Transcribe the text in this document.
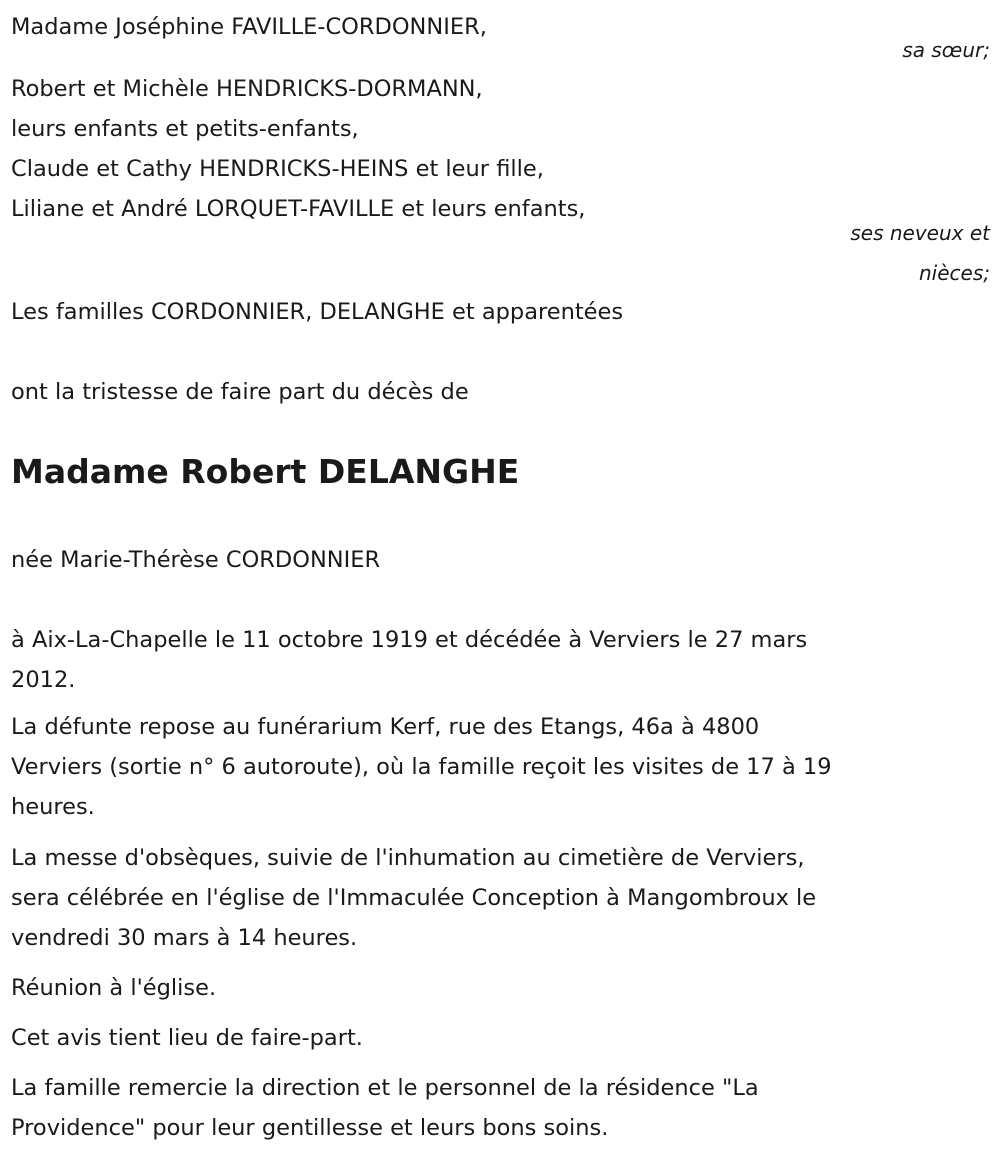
Madame Joséphine FAVILLE-CORDONNIER,
sa sœur;
Robert et Michèle HENDRICKS-DORMANN,
leurs enfants et petits-enfants,
Claude et Cathy HENDRICKS-HEINS et leur fille,
Liliane et André LORQUET-FAVILLE et leurs enfants,
ses neveux et
nièces;
Les familles CORDONNIER, DELANGHE et apparentées
ont la tristesse de faire part du décès de
Madame Robert DELANGHE
née Marie-Thérèse CORDONNIER
à Aix-La-Chapelle le 11 octobre 1919 et décédée à Verviers le 27 mars
2012.
La défunte repose au funérarium Kerf, rue des Etangs, 46a à 4800
Verviers (sortie n° 6 autoroute), où la famille reçoit les visites de 17 à 19
heures.
La messe d'obsèques, suivie de l'inhumation au cimetière de Verviers,
sera célébrée en l'église de l'Immaculée Conception à Mangombroux le
vendredi 30 mars à 14 heures.
Réunion à l'église.
Cet avis tient lieu de faire-part.
La famille remercie la direction et le personnel de la résidence "La
Providence" pour leur gentillesse et leurs bons soins.
